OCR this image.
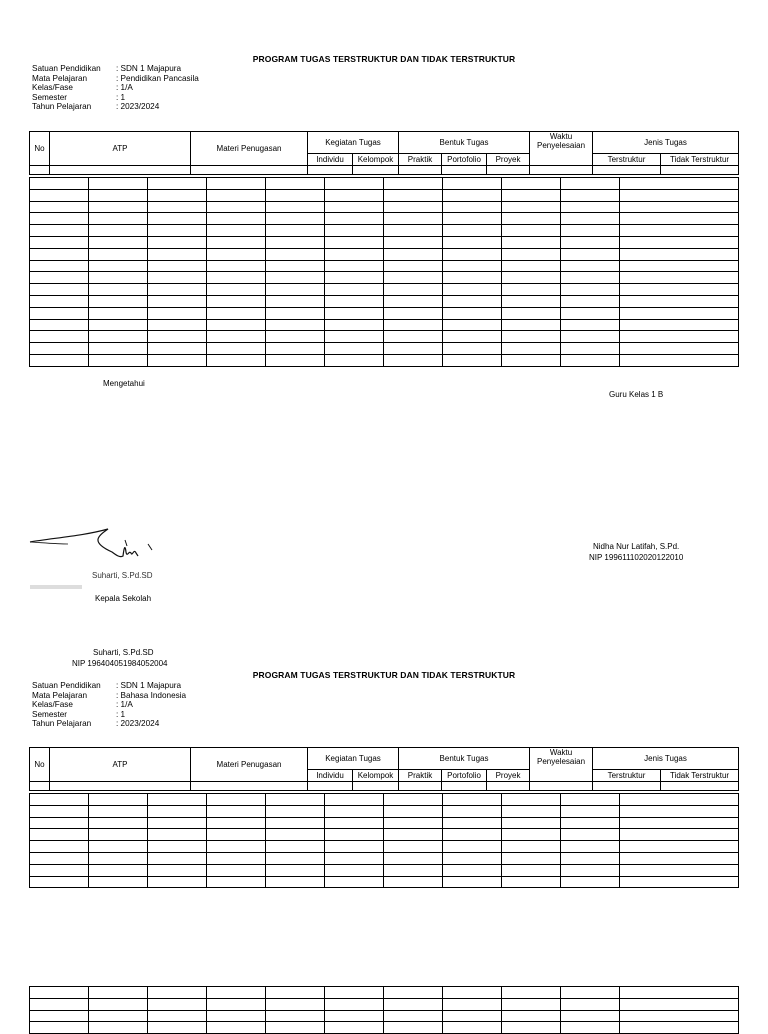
PROGRAM TUGAS TERSTRUKTUR DAN TIDAK TERSTRUKTUR
Satuan Pendidikan : SDN 1 Majapura
Mata Pelajaran	: Pendidikan Pancasila
Kelas/Fase	: 1/A
Semester	: 1
Tahun Pelajaran	: 2023/2024
No	ATP	Materi Penugasan	Kegiatan Tugas		Bentuk Tugas			Waktu Penyelesaian	Jenis Tugas	
			Individu	Kelompok	Praktik	Portofolio	Proyek		Terstruktur	Tidak Terstruktur

Mengetahui
Guru Kelas 1 B
Suharti, S.Pd.SD
Nidha Nur Latifah, S.Pd.
NIP 199611102020122010
Kepala Sekolah
Suharti, S.Pd.SD
NIP 196404051984052004
PROGRAM TUGAS TERSTRUKTUR DAN TIDAK TERSTRUKTUR
Satuan Pendidikan : SDN 1 Majapura
Mata Pelajaran	: Bahasa Indonesia
Kelas/Fase	: 1/A
Semester	: 1
Tahun Pelajaran	: 2023/2024
No	ATP	Materi Penugasan	Kegiatan Tugas		Bentuk Tugas			Waktu Penyelesaian	Jenis Tugas	
			Individu	Kelompok	Praktik	Portofolio	Proyek		Terstruktur	Tidak Terstruktur
